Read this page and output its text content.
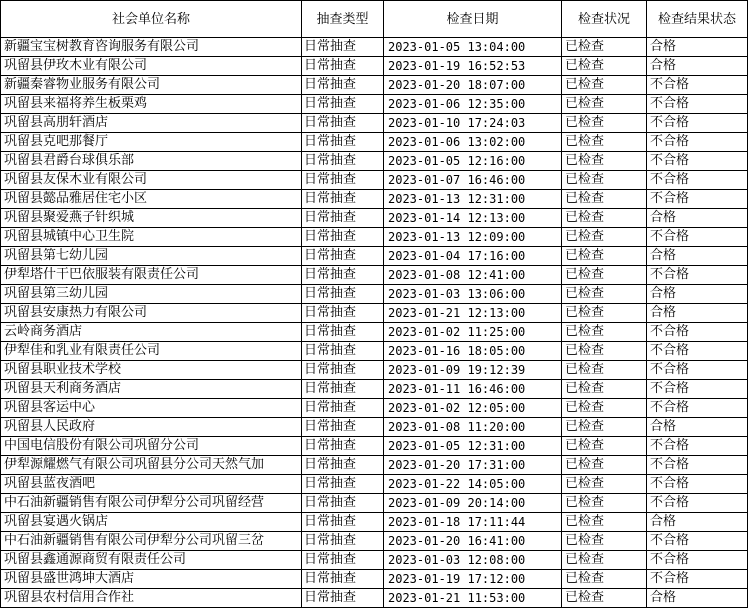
社会单位名称	抽查类型	检查日期	检查状况	检查结果状态
新疆宝宝树教育咨询服务有限公司	日常抽查	2023-01-05 13:04:00	已检查	合格
巩留县伊玫木业有限公司	日常抽查	2023-01-19 16:52:53	已检查	合格
新疆秦睿物业服务有限公司	日常抽查	2023-01-20 18:07:00	已检查	不合格
巩留县来福将养生板栗鸡	日常抽查	2023-01-06 12:35:00	已检查	不合格
巩留县高朋轩酒店	日常抽查	2023-01-10 17:24:03	已检查	不合格
巩留县克吧那餐厅	日常抽查	2023-01-06 13:02:00	已检查	不合格
巩留县君爵台球俱乐部	日常抽查	2023-01-05 12:16:00	已检查	不合格
巩留县友保木业有限公司	日常抽查	2023-01-07 16:46:00	已检查	不合格
巩留县懿品雅居住宅小区	日常抽查	2023-01-13 12:31:00	已检查	不合格
巩留县聚爱燕子针织城	日常抽查	2023-01-14 12:13:00	已检查	合格
巩留县城镇中心卫生院	日常抽查	2023-01-13 12:09:00	已检查	不合格
巩留县第七幼儿园	日常抽查	2023-01-04 17:16:00	已检查	合格
伊犁塔什干巴依服装有限责任公司	日常抽查	2023-01-08 12:41:00	已检查	不合格
巩留县第三幼儿园	日常抽查	2023-01-03 13:06:00	已检查	合格
巩留县安康热力有限公司	日常抽查	2023-01-21 12:13:00	已检查	合格
云岭商务酒店	日常抽查	2023-01-02 11:25:00	已检查	不合格
伊犁佳和乳业有限责任公司	日常抽查	2023-01-16 18:05:00	已检查	不合格
巩留县职业技术学校	日常抽查	2023-01-09 19:12:39	已检查	不合格
巩留县天利商务酒店	日常抽查	2023-01-11 16:46:00	已检查	不合格
巩留县客运中心	日常抽查	2023-01-02 12:05:00	已检查	不合格
巩留县人民政府	日常抽查	2023-01-08 11:20:00	已检查	合格
中国电信股份有限公司巩留分公司	日常抽查	2023-01-05 12:31:00	已检查	不合格
伊犁源耀燃气有限公司巩留县分公司天然气加	日常抽查	2023-01-20 17:31:00	已检查	不合格
巩留县蓝夜酒吧	日常抽查	2023-01-22 14:05:00	已检查	不合格
中石油新疆销售有限公司伊犁分公司巩留经营	日常抽查	2023-01-09 20:14:00	已检查	不合格
巩留县宴遇火锅店	日常抽查	2023-01-18 17:11:44	已检查	合格
中石油新疆销售有限公司伊犁分公司巩留三岔	日常抽查	2023-01-20 16:41:00	已检查	不合格
巩留县鑫通源商贸有限责任公司	日常抽查	2023-01-03 12:08:00	已检查	不合格
巩留县盛世鸿坤大酒店	日常抽查	2023-01-19 17:12:00	已检查	不合格
巩留县农村信用合作社	日常抽查	2023-01-21 11:53:00	已检查	合格
